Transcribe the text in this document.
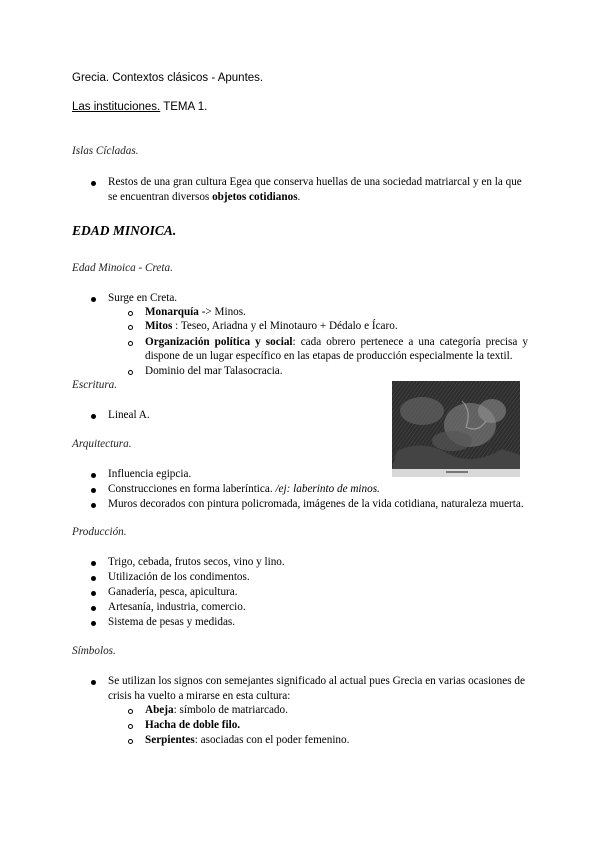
Grecia. Contextos clásicos - Apuntes.
Las instituciones. TEMA 1.
Islas Cícladas.
Restos de una gran cultura Egea que conserva huellas de una sociedad matriarcal y en la que
se encuentran diversos objetos cotidianos.
EDAD MINOICA.
Edad Minoica - Creta.
Surge en Creta.
Monarquía -> Minos.
Mitos : Teseo, Ariadna y el Minotauro + Dédalo e Ícaro.
Organización política y social: cada obrero pertenece a una categoría precisa y
dispone de un lugar específico en las etapas de producción especialmente la textil.
Dominio del mar Talasocracia.
Escritura.
Lineal A.
Arquitectura.
Influencia egipcia.
Construcciones en forma laberíntica. /ej: laberinto de minos.
Muros decorados con pintura policromada, imágenes de la vida cotidiana, naturaleza muerta.
Producción.
Trigo, cebada, frutos secos, vino y lino.
Utilización de los condimentos.
Ganadería, pesca, apicultura.
Artesanía, industria, comercio.
Sistema de pesas y medidas.
Símbolos.
Se utilizan los signos con semejantes significado al actual pues Grecia en varias ocasiones de
crisis ha vuelto a mirarse en esta cultura:
Abeja: símbolo de matriarcado.
Hacha de doble filo.
Serpientes: asociadas con el poder femenino.
